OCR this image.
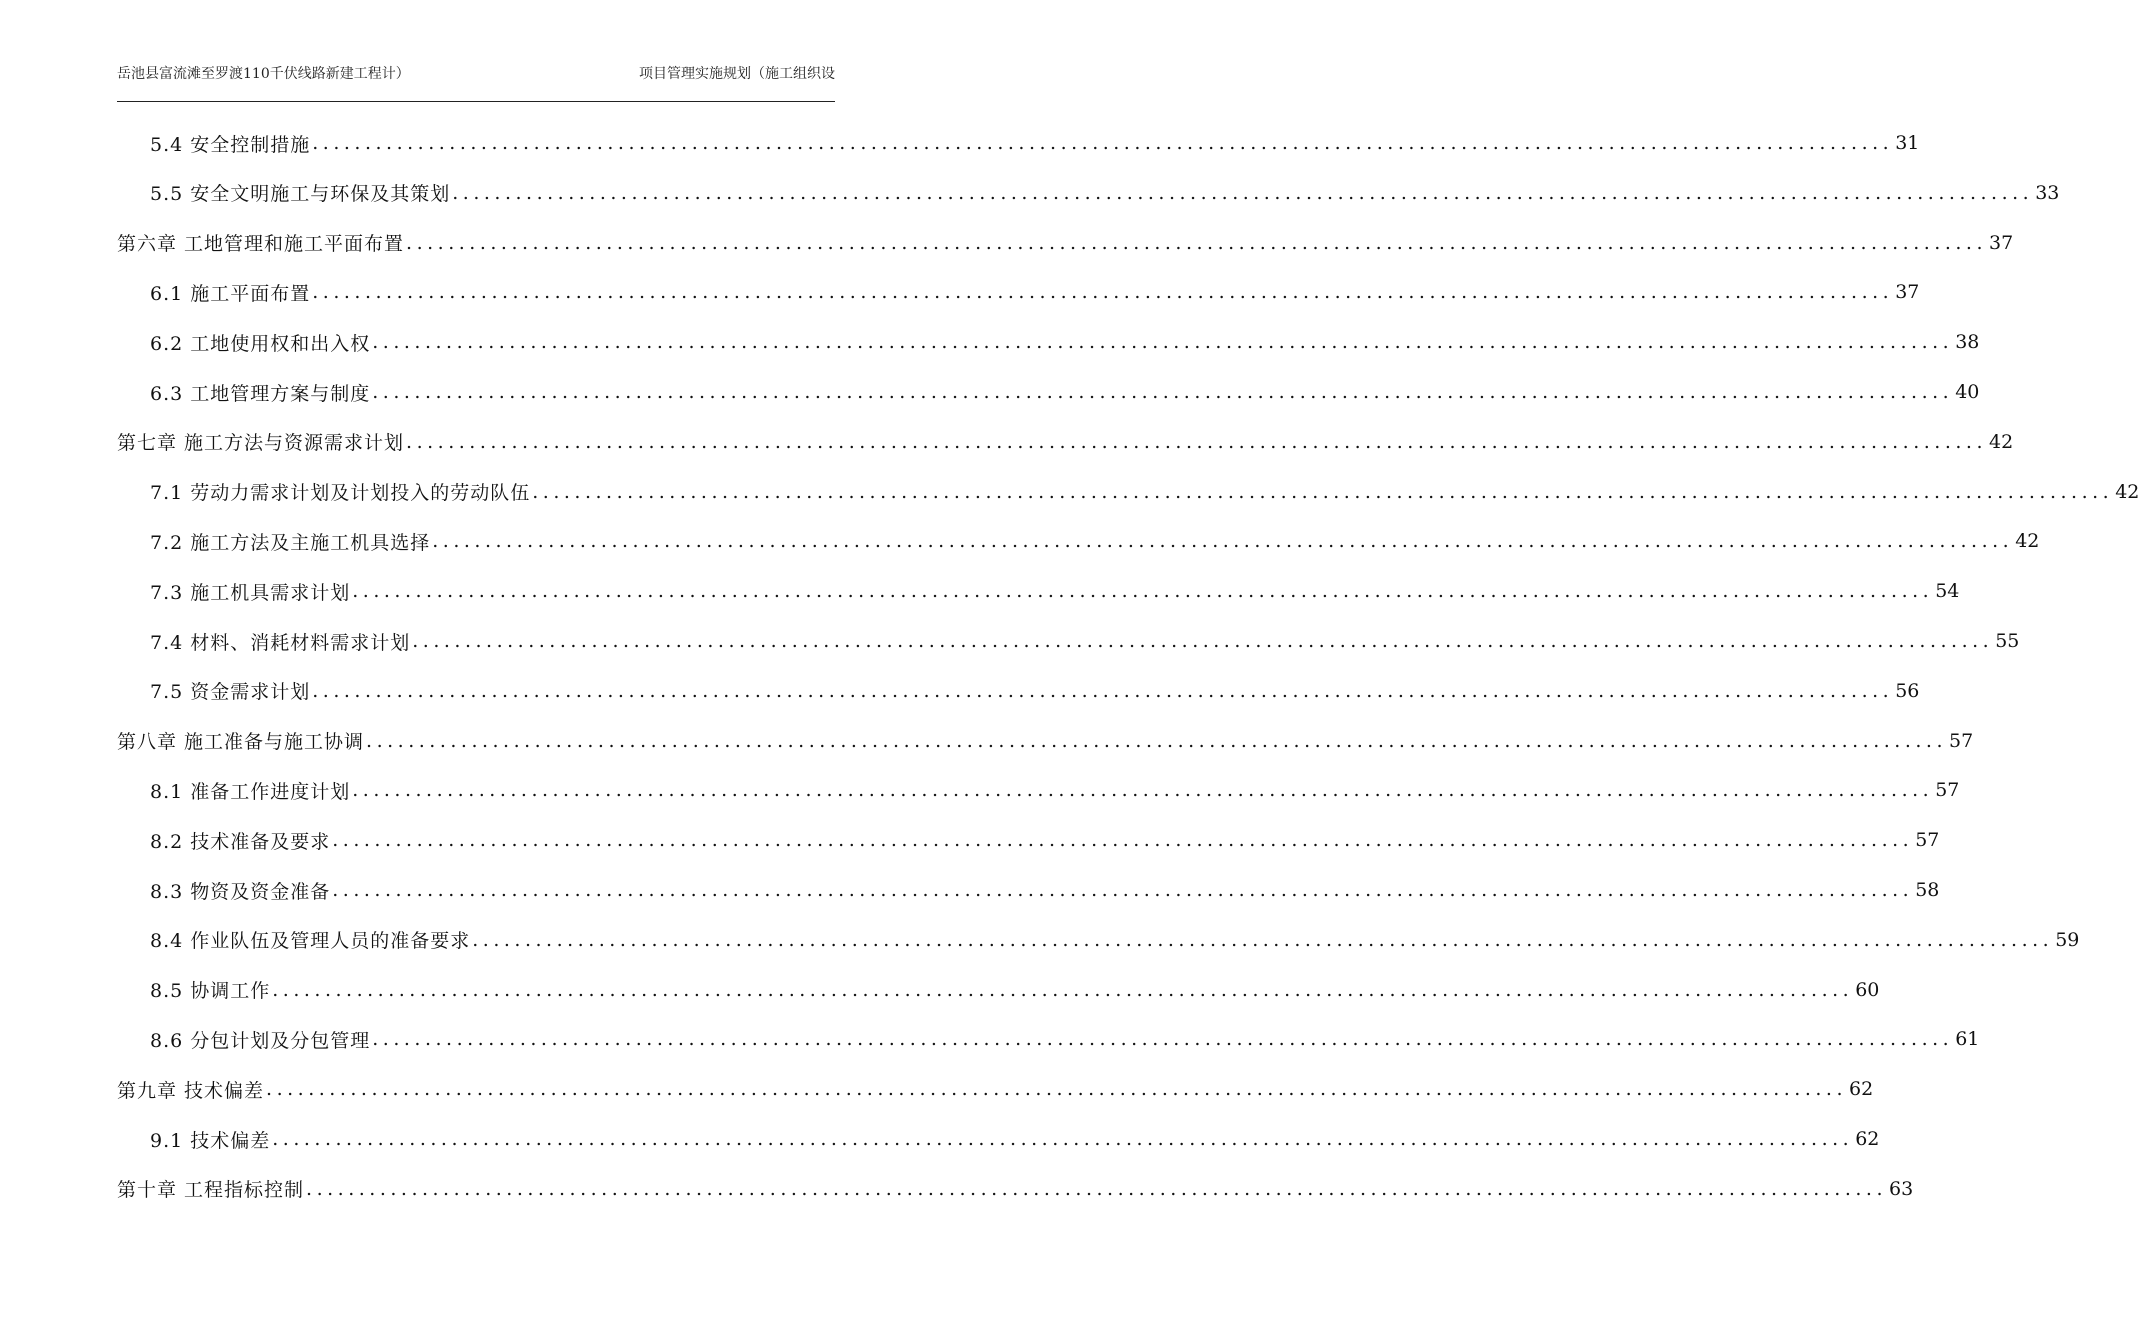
岳池县富流滩至罗渡110千伏线路新建工程计）	项目管理实施规划（施工组织设
5.4 安全控制措施 ...................................................................................................................................................... 31
5.5 安全文明施工与环保及其策划 ...................................................................................................................................................... 33
第六章 工地管理和施工平面布置 ...................................................................................................................................................... 37
6.1 施工平面布置 ...................................................................................................................................................... 37
6.2 工地使用权和出入权 ...................................................................................................................................................... 38
6.3 工地管理方案与制度 ...................................................................................................................................................... 40
第七章 施工方法与资源需求计划 ...................................................................................................................................................... 42
7.1 劳动力需求计划及计划投入的劳动队伍 ...................................................................................................................................................... 42
7.2 施工方法及主施工机具选择 ...................................................................................................................................................... 42
7.3 施工机具需求计划 ...................................................................................................................................................... 54
7.4 材料、消耗材料需求计划 ...................................................................................................................................................... 55
7.5 资金需求计划 ...................................................................................................................................................... 56
第八章 施工准备与施工协调 ...................................................................................................................................................... 57
8.1 准备工作进度计划 ...................................................................................................................................................... 57
8.2 技术准备及要求 ...................................................................................................................................................... 57
8.3 物资及资金准备 ...................................................................................................................................................... 58
8.4 作业队伍及管理人员的准备要求 ...................................................................................................................................................... 59
8.5 协调工作 ...................................................................................................................................................... 60
8.6 分包计划及分包管理 ...................................................................................................................................................... 61
第九章 技术偏差 ...................................................................................................................................................... 62
9.1 技术偏差 ...................................................................................................................................................... 62
第十章 工程指标控制 ...................................................................................................................................................... 63
